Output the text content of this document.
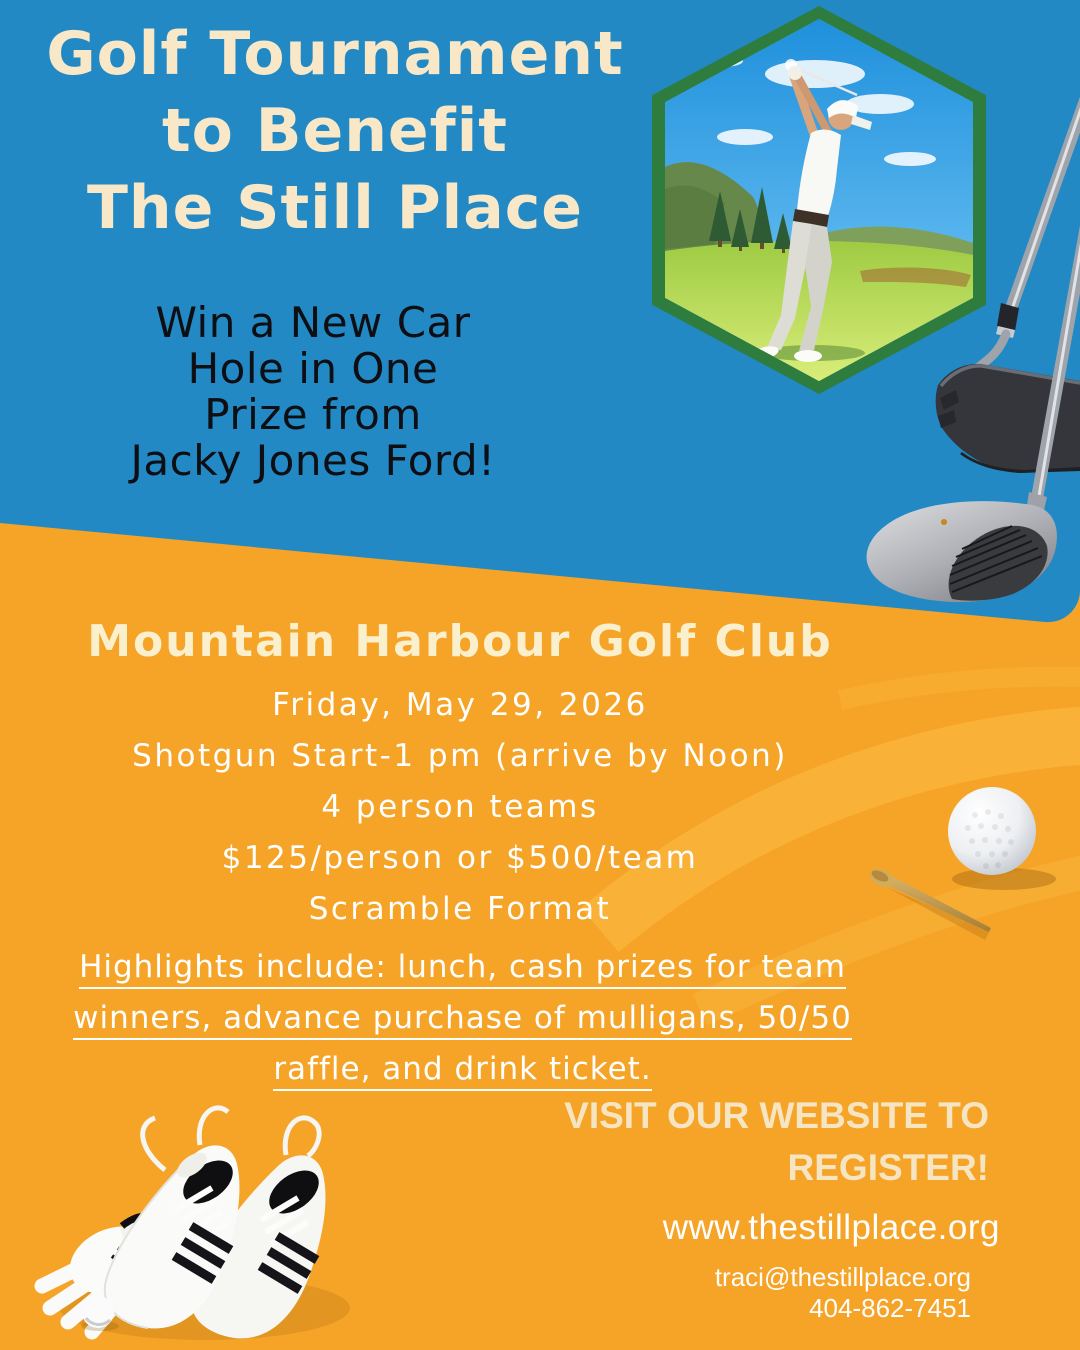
Golf Tournament
to Benefit
The Still Place
Win a New Car
Hole in One
Prize from
Jacky Jones Ford!
Mountain Harbour Golf Club
Friday, May 29, 2026
Shotgun Start-1 pm (arrive by Noon)
4 person teams
$125/person or $500/team
Scramble Format
Highlights include: lunch, cash prizes for team
winners, advance purchase of mulligans, 50/50
raffle, and drink ticket.
VISIT OUR WEBSITE TO
REGISTER!
www.thestillplace.org
traci@thestillplace.org
404-862-7451
